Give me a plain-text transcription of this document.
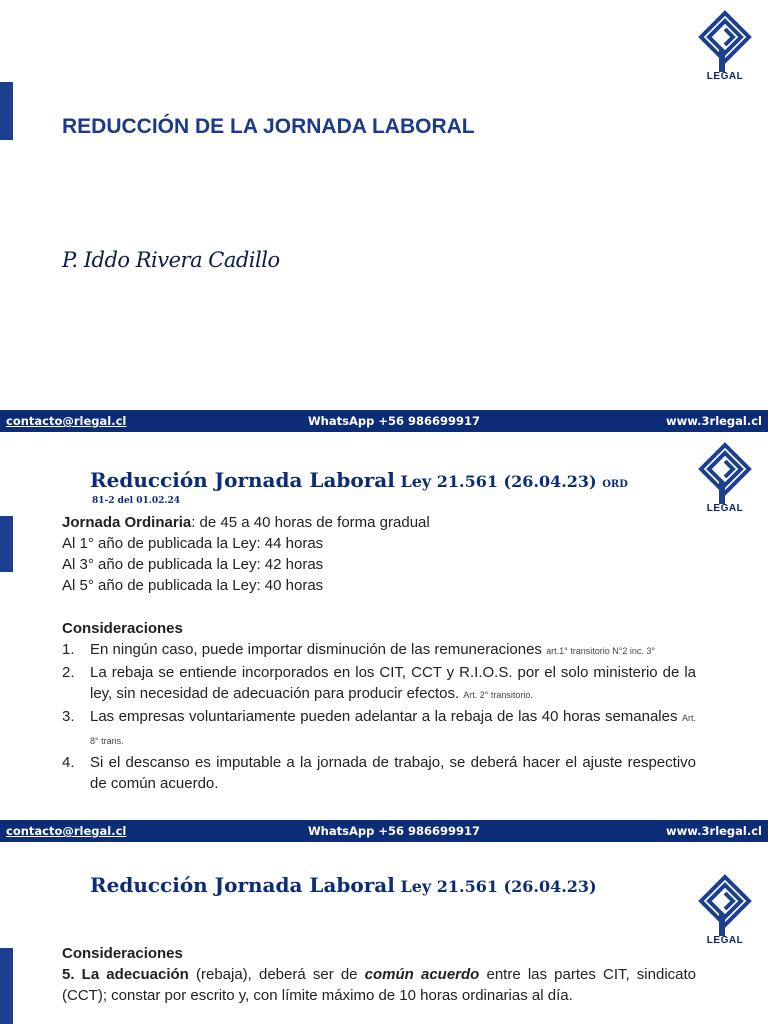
LEGAL
REDUCCIÓN DE LA JORNADA LABORAL
P. Iddo Rivera Cadillo
contacto@rlegal.cl	WhatsApp +56 986699917	www.3rlegal.cl
LEGAL
Reducción Jornada Laboral Ley 21.561 (26.04.23) ORD
81-2 del 01.02.24
Jornada Ordinaria: de 45 a 40 horas de forma gradual
Al 1° año de publicada la Ley: 44 horas
Al 3° año de publicada la Ley: 42 horas
Al 5° año de publicada la Ley: 40 horas
Consideraciones
1. En ningún caso, puede importar disminución de las remuneraciones art.1° transitorio N°2 inc. 3°
2. La rebaja se entiende incorporados en los CIT, CCT y R.I.O.S. por el solo ministerio de la ley, sin necesidad de adecuación para producir efectos. Art. 2° transitorio.
3. Las empresas voluntariamente pueden adelantar a la rebaja de las 40 horas semanales Art. 8° trans.
4. Si el descanso es imputable a la jornada de trabajo, se deberá hacer el ajuste respectivo de común acuerdo.
contacto@rlegal.cl	WhatsApp +56 986699917	www.3rlegal.cl
LEGAL
Reducción Jornada Laboral Ley 21.561 (26.04.23)
Consideraciones
5. La adecuación (rebaja), deberá ser de común acuerdo entre las partes CIT, sindicato (CCT); constar por escrito y, con límite máximo de 10 horas ordinarias al día.
